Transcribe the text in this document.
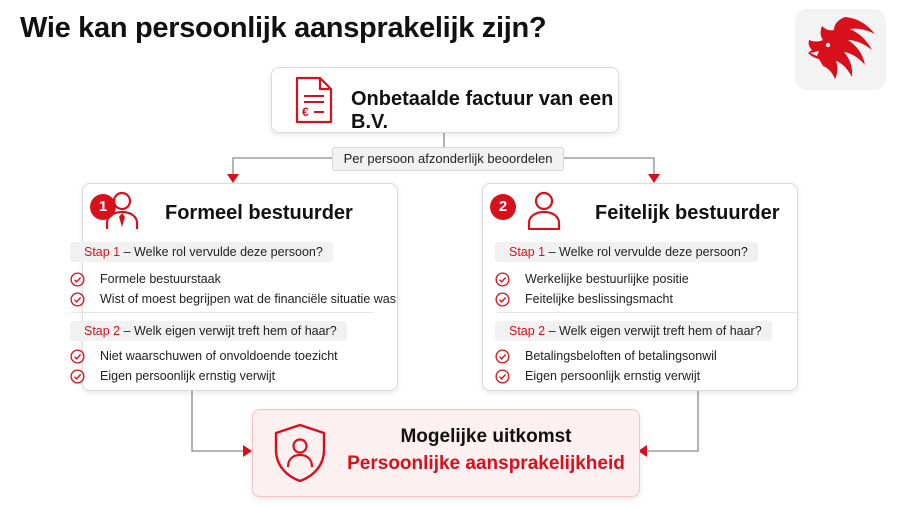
Wie kan persoonlijk aansprakelijk zijn?
€
Onbetaalde factuur van een B.V.
Per persoon afzonderlijk beoordelen
1	Formeel bestuurder
Stap 1 – Welke rol vervulde deze persoon?
Formele bestuurstaak
Wist of moest begrijpen wat de financiële situatie was
Stap 2 – Welk eigen verwijt treft hem of haar?
Niet waarschuwen of onvoldoende toezicht
Eigen persoonlijk ernstig verwijt
2	Feitelijk bestuurder
Stap 1 – Welke rol vervulde deze persoon?
Werkelijke bestuurlijke positie
Feitelijke beslissingsmacht
Stap 2 – Welk eigen verwijt treft hem of haar?
Betalingsbeloften of betalingsonwil
Eigen persoonlijk ernstig verwijt
Mogelijke uitkomst
Persoonlijke aansprakelijkheid
